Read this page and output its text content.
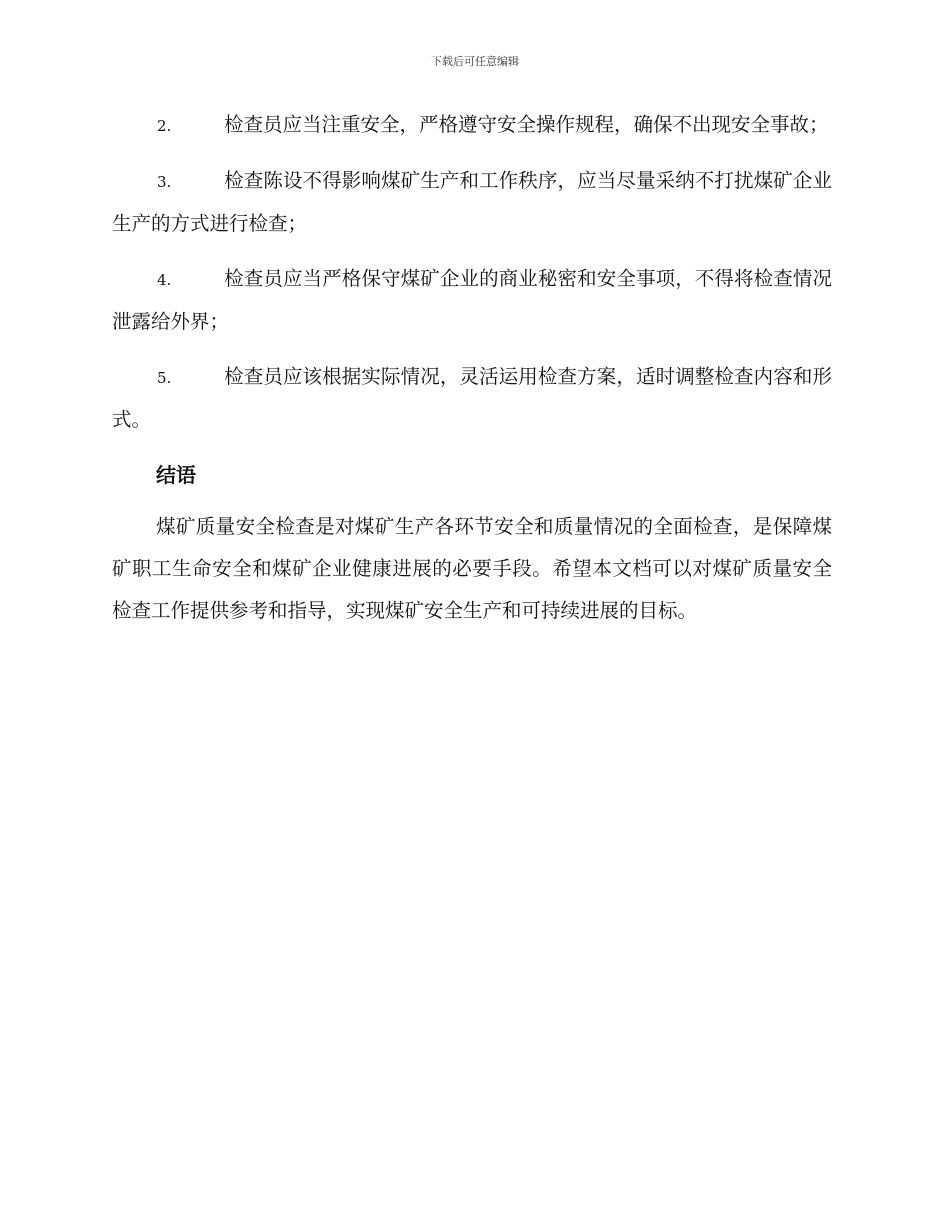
下载后可任意编辑

2.	检查员应当注重安全，严格遵守安全操作规程，确保不出现安全事故；

3.	检查陈设不得影响煤矿生产和工作秩序，应当尽量采纳不打扰煤矿企业生产的方式进行检查；

4.	检查员应当严格保守煤矿企业的商业秘密和安全事项，不得将检查情况泄露给外界；

5.	检查员应该根据实际情况，灵活运用检查方案，适时调整检查内容和形式。

结语

煤矿质量安全检查是对煤矿生产各环节安全和质量情况的全面检查，是保障煤矿职工生命安全和煤矿企业健康进展的必要手段。希望本文档可以对煤矿质量安全检查工作提供参考和指导，实现煤矿安全生产和可持续进展的目标。
